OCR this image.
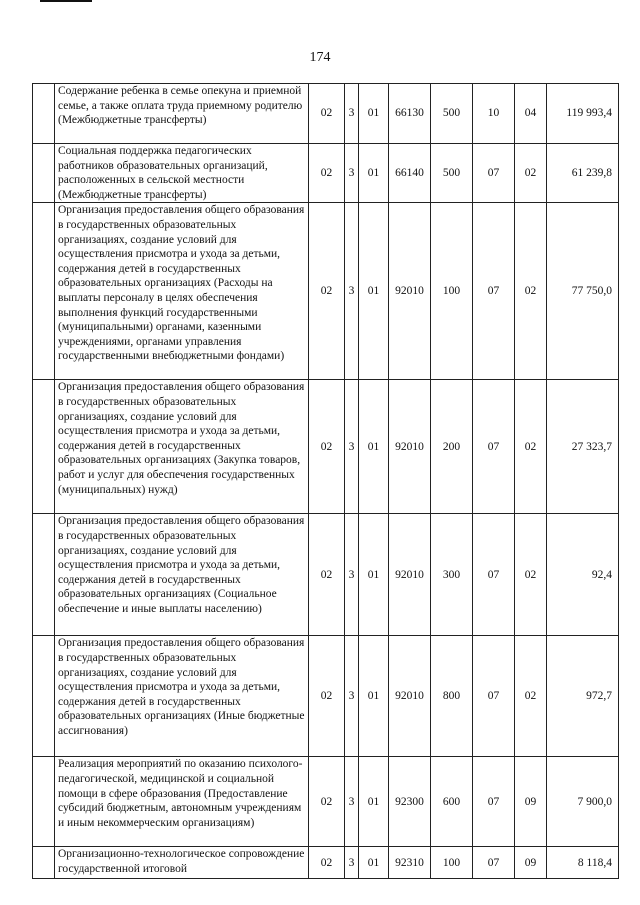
174
	Содержание ребенка в семье опекуна и приемной семье, а также оплата труда приемному родителю (Межбюджетные трансферты)	02	3	01	66130	500	10	04	119 993,4
	Социальная поддержка педагогических работников образовательных организаций, расположенных в сельской местности (Межбюджетные трансферты)	02	3	01	66140	500	07	02	61 239,8
	Организация предоставления общего образования в государственных образовательных организациях, создание условий для осуществления присмотра и ухода за детьми, содержания детей в государственных образовательных организациях (Расходы на выплаты персоналу в целях обеспечения выполнения функций государственными (муниципальными) органами, казенными учреждениями, органами управления государственными внебюджетными фондами)	02	3	01	92010	100	07	02	77 750,0
	Организация предоставления общего образования в государственных образовательных организациях, создание условий для осуществления присмотра и ухода за детьми, содержания детей в государственных образовательных организациях (Закупка товаров, работ и услуг для обеспечения государственных (муниципальных) нужд)	02	3	01	92010	200	07	02	27 323,7
	Организация предоставления общего образования в государственных образовательных организациях, создание условий для осуществления присмотра и ухода за детьми, содержания детей в государственных образовательных организациях (Социальное обеспечение и иные выплаты населению)	02	3	01	92010	300	07	02	92,4
	Организация предоставления общего образования в государственных образовательных организациях, создание условий для осуществления присмотра и ухода за детьми, содержания детей в государственных образовательных организациях (Иные бюджетные ассигнования)	02	3	01	92010	800	07	02	972,7
	Реализация мероприятий по оказанию психолого-педагогической, медицинской и социальной помощи в сфере образования (Предоставление субсидий бюджетным, автономным учреждениям и иным некоммерческим организациям)	02	3	01	92300	600	07	09	7 900,0
	Организационно-технологическое сопровождение государственной итоговой	02	3	01	92310	100	07	09	8 118,4
